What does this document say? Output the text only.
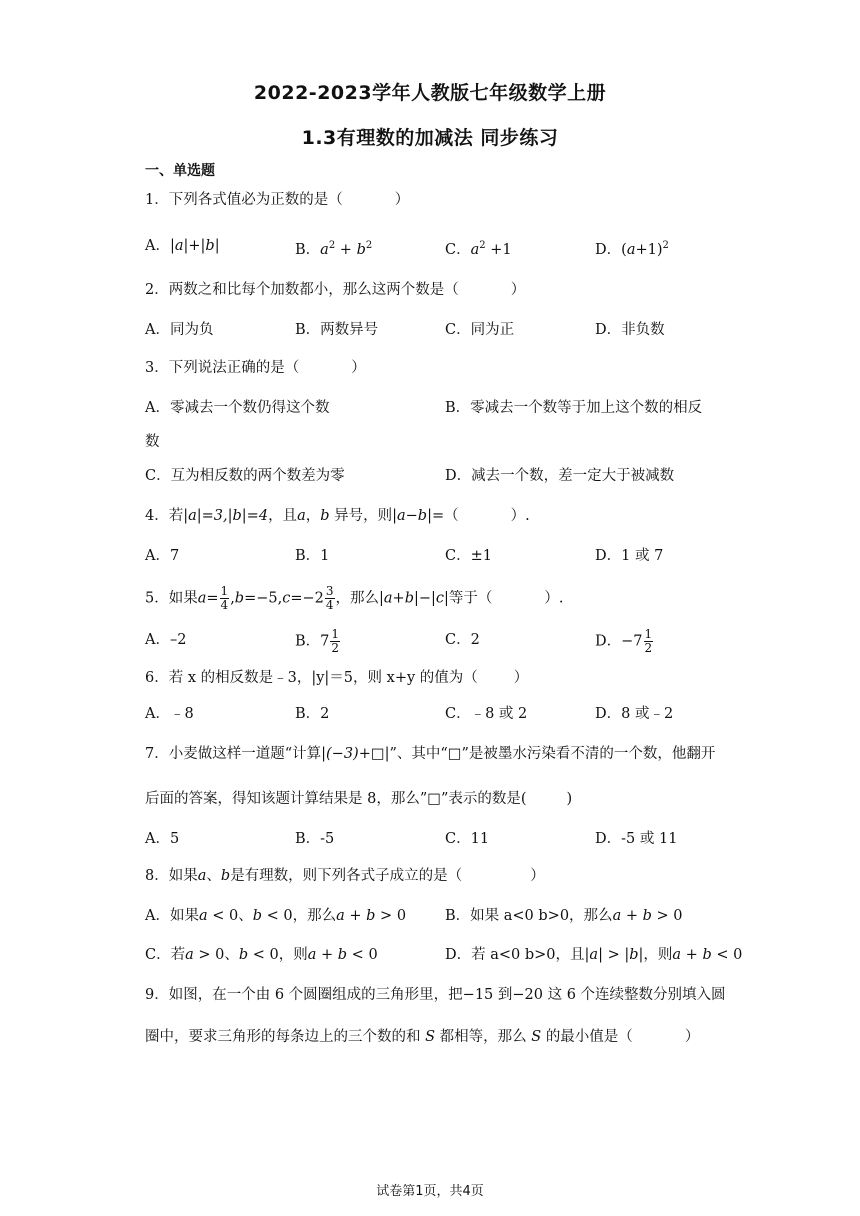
2022-2023学年人教版七年级数学上册
1.3有理数的加减法 同步练习
一、单选题
1．下列各式值必为正数的是（	）
A．|a|+|b|	B．$a^2 + b^2$	C．$a^2 +1$	D．$(a+1)^2$
2．两数之和比每个加数都小，那么这两个数是（	）
A．同为负	B．两数异号	C．同为正	D．非负数
3．下列说法正确的是（	）
A．零减去一个数仍得这个数	B．零减去一个数等于加上这个数的相反
数
C．互为相反数的两个数差为零	D．减去一个数，差一定大于被减数
4．若|a|=3,|b|=4，且a，b 异号，则|a−b|=（	）.
A．7	B．1	C．±1	D．1 或 7
5．如果$a= \frac{1}{4} ,b=-5,c=-2 \frac{3}{4}$ ，那么|a+b|−|c|等于（	）.
A．–2	B．$7 \frac{1}{2}$	C．2	D．$-7 \frac{1}{2}$
6．若 x 的相反数是﹣3，|y|＝5，则 x+y 的值为（ ）
A．﹣8	B．2	C．﹣8 或 2	D．8 或﹣2
7．小麦做这样一道题“计算|(−3)+□|”、其中“□”是被墨水污染看不清的一个数，他翻开
后面的答案，得知该题计算结果是 8，那么”□”表示的数是(	)
A．5	B．-5	C．11	D．-5 或 11
8．如果a、b是有理数，则下列各式子成立的是（	）
A．如果a < 0、b < 0，那么a + b > 0	B．如果 a<0 b>0，那么a + b > 0
C．若a > 0、b < 0，则a + b < 0	D．若 a<0 b>0，且|a| > |b|，则a + b < 0
9．如图，在一个由 6 个圆圈组成的三角形里，把−15 到−20 这 6 个连续整数分别填入圆
圈中，要求三角形的每条边上的三个数的和 S 都相等，那么 S 的最小值是（	）
试卷第1页，共4页
